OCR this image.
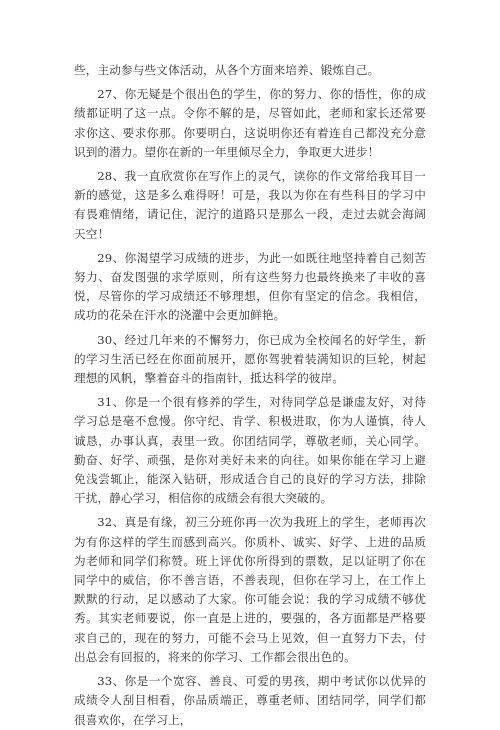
些，主动参与些文体活动，从各个方面来培养、锻炼自己。

27、你无疑是个很出色的学生，你的努力、你的悟性，你的成绩都证明了这一点。令你不解的是，尽管如此，老师和家长还常要求你这、要求你那。你要明白，这说明你还有着连自己都没充分意识到的潜力。望你在新的一年里倾尽全力，争取更大进步！

28、我一直欣赏你在写作上的灵气，读你的作文常给我耳目一新的感觉，这是多么难得呀！可是，我以为你在有些科目的学习中有畏难情绪，请记住，泥泞的道路只是那么一段，走过去就会海阔天空！

29、你渴望学习成绩的进步，为此一如既往地坚持着自己刻苦努力、奋发图强的求学原则，所有这些努力也最终换来了丰收的喜悦，尽管你的学习成绩还不够理想，但你有坚定的信念。我相信，成功的花朵在汗水的浇灌中会更加鲜艳。

30、经过几年来的不懈努力，你已成为全校闻名的好学生，新的学习生活已经在你面前展开，愿你驾驶着装满知识的巨轮，树起理想的风帆，擎着奋斗的指南针，抵达科学的彼岸。

31、你是一个很有修养的学生，对待同学总是谦虚友好，对待学习总是毫不怠慢。你守纪、肯学、积极进取，你为人谨慎，待人诚恳，办事认真，表里一致。你团结同学，尊敬老师，关心同学。勤奋、好学、顽强，是你对美好未来的向往。如果你能在学习上避免浅尝辄止，能深入钻研，形成适合自己的良好的学习方法，排除干扰，静心学习，相信你的成绩会有很大突破的。

32、真是有缘，初三分班你再一次为我班上的学生，老师再次为有你这样的学生而感到高兴。你质朴、诚实、好学、上进的品质为老师和同学们称赞。班上评优你所得到的票数，足以证明了你在同学中的威信，你不善言语，不善表现，但你在学习上，在工作上默默的行动，足以感动了大家。你可能会说：我的学习成绩不够优秀。其实老师要说，你一直是上进的，要强的，各方面都是严格要求自己的，现在的努力，可能不会马上见效，但一直努力下去，付出总会有回报的，将来的你学习、工作都会很出色的。

33、你是一个宽容、善良、可爱的男孩，期中考试你以优异的成绩令人刮目相看，你品质端正，尊重老师、团结同学，同学们都很喜欢你，在学习上，
